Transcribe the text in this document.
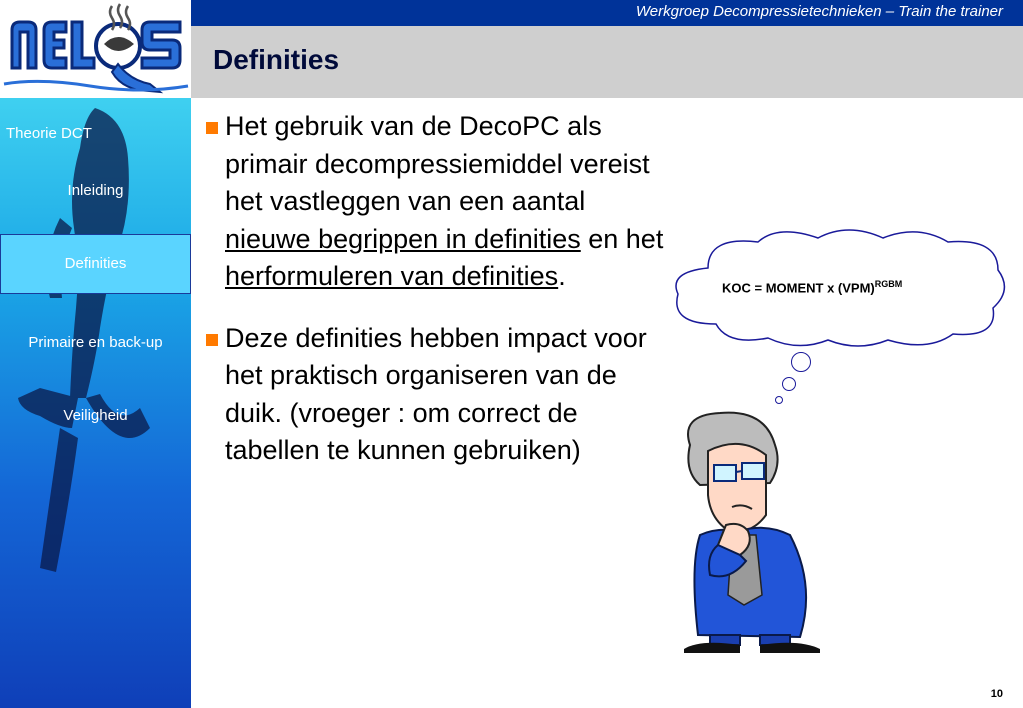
Werkgroep Decompressietechnieken – Train the trainer
Definities
Theorie DCT
Inleiding
Definities
Primaire en back-up
Veiligheid
Het gebruik van de DecoPC als primair decompressiemiddel vereist het vastleggen van een aantal nieuwe begrippen in definities en het herformuleren van definities.
Deze definities hebben impact voor het praktisch organiseren van de duik. (vroeger : om correct de tabellen te kunnen gebruiken)
KOC = MOMENT x (VPM)$^{RGBM}$
10
